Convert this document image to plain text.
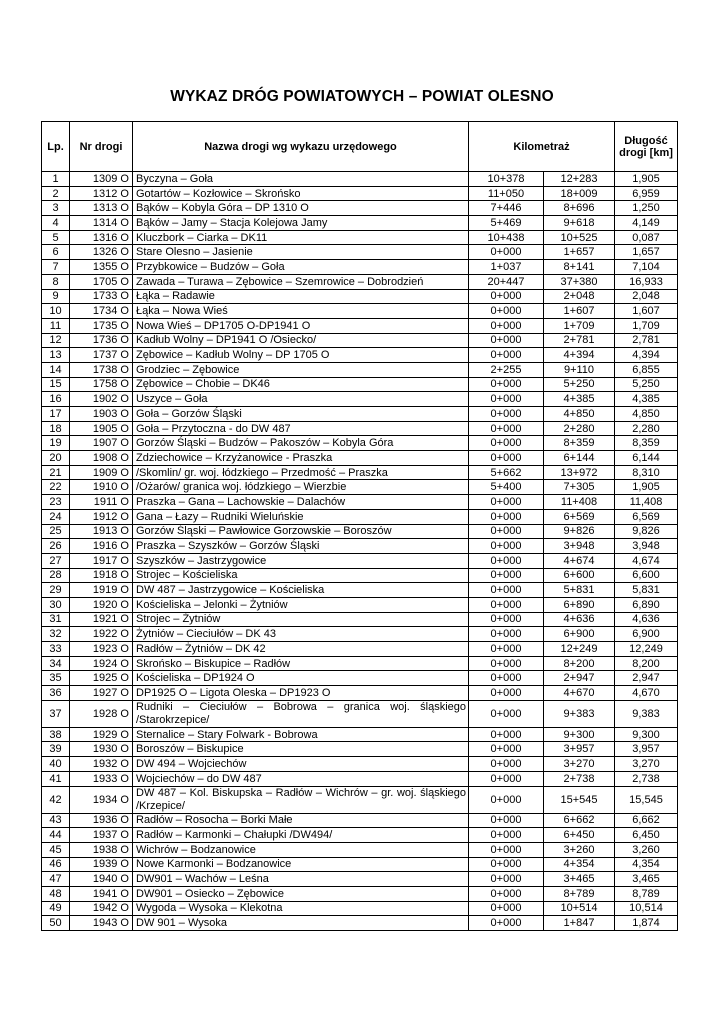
WYKAZ DRÓG POWIATOWYCH – POWIAT OLESNO
Lp.	Nr drogi	Nazwa drogi wg wykazu urzędowego	Kilometraż		Długość drogi [km]
1	1309 O	Byczyna – Goła	10+378	12+283	1,905
2	1312 O	Gotartów – Kozłowice – Skrońsko	11+050	18+009	6,959
3	1313 O	Bąków – Kobyla Góra – DP 1310 O	7+446	8+696	1,250
4	1314 O	Bąków – Jamy – Stacja Kolejowa Jamy	5+469	9+618	4,149
5	1316 O	Kluczbork – Ciarka – DK11	10+438	10+525	0,087
6	1326 O	Stare Olesno – Jasienie	0+000	1+657	1,657
7	1355 O	Przybkowice – Budzów – Goła	1+037	8+141	7,104
8	1705 O	Zawada – Turawa – Zębowice – Szemrowice – Dobrodzień	20+447	37+380	16,933
9	1733 O	Łąka – Radawie	0+000	2+048	2,048
10	1734 O	Łąka – Nowa Wieś	0+000	1+607	1,607
11	1735 O	Nowa Wieś – DP1705 O-DP1941 O	0+000	1+709	1,709
12	1736 O	Kadłub Wolny – DP1941 O /Osiecko/	0+000	2+781	2,781
13	1737 O	Zębowice – Kadłub Wolny – DP 1705 O	0+000	4+394	4,394
14	1738 O	Grodziec – Zębowice	2+255	9+110	6,855
15	1758 O	Zębowice – Chobie – DK46	0+000	5+250	5,250
16	1902 O	Uszyce – Goła	0+000	4+385	4,385
17	1903 O	Goła – Gorzów Śląski	0+000	4+850	4,850
18	1905 O	Goła – Przytoczna - do DW 487	0+000	2+280	2,280
19	1907 O	Gorzów Śląski – Budzów – Pakoszów – Kobyla Góra	0+000	8+359	8,359
20	1908 O	Zdziechowice – Krzyżanowice - Praszka	0+000	6+144	6,144
21	1909 O	/Skomlin/ gr. woj. łódzkiego – Przedmość – Praszka	5+662	13+972	8,310
22	1910 O	/Ożarów/ granica woj. łódzkiego – Wierzbie	5+400	7+305	1,905
23	1911 O	Praszka – Gana – Lachowskie – Dalachów	0+000	11+408	11,408
24	1912 O	Gana – Łazy – Rudniki Wieluńskie	0+000	6+569	6,569
25	1913 O	Gorzów Śląski – Pawłowice Gorzowskie – Boroszów	0+000	9+826	9,826
26	1916 O	Praszka – Szyszków – Gorzów Śląski	0+000	3+948	3,948
27	1917 O	Szyszków – Jastrzygowice	0+000	4+674	4,674
28	1918 O	Strojec – Kościeliska	0+000	6+600	6,600
29	1919 O	DW 487 – Jastrzygowice – Kościeliska	0+000	5+831	5,831
30	1920 O	Kościeliska – Jelonki – Żytniów	0+000	6+890	6,890
31	1921 O	Strojec – Żytniów	0+000	4+636	4,636
32	1922 O	Żytniów – Cieciułów – DK 43	0+000	6+900	6,900
33	1923 O	Radłów – Żytniów – DK 42	0+000	12+249	12,249
34	1924 O	Skrońsko – Biskupice – Radłów	0+000	8+200	8,200
35	1925 O	Kościeliska – DP1924 O	0+000	2+947	2,947
36	1927 O	DP1925 O – Ligota Oleska – DP1923 O	0+000	4+670	4,670
37	1928 O	Rudniki – Cieciułów – Bobrowa – granica woj. śląskiego /Starokrzepice/	0+000	9+383	9,383
38	1929 O	Sternalice – Stary Folwark - Bobrowa	0+000	9+300	9,300
39	1930 O	Boroszów – Biskupice	0+000	3+957	3,957
40	1932 O	DW 494 – Wojciechów	0+000	3+270	3,270
41	1933 O	Wojciechów – do DW 487	0+000	2+738	2,738
42	1934 O	DW 487 – Kol. Biskupska – Radłów – Wichrów – gr. woj. śląskiego /Krzepice/	0+000	15+545	15,545
43	1936 O	Radłów – Rosocha – Borki Małe	0+000	6+662	6,662
44	1937 O	Radłów – Karmonki – Chałupki /DW494/	0+000	6+450	6,450
45	1938 O	Wichrów – Bodzanowice	0+000	3+260	3,260
46	1939 O	Nowe Karmonki – Bodzanowice	0+000	4+354	4,354
47	1940 O	DW901 – Wachów – Leśna	0+000	3+465	3,465
48	1941 O	DW901 – Osiecko – Zębowice	0+000	8+789	8,789
49	1942 O	Wygoda – Wysoka – Klekotna	0+000	10+514	10,514
50	1943 O	DW 901 – Wysoka	0+000	1+847	1,874
